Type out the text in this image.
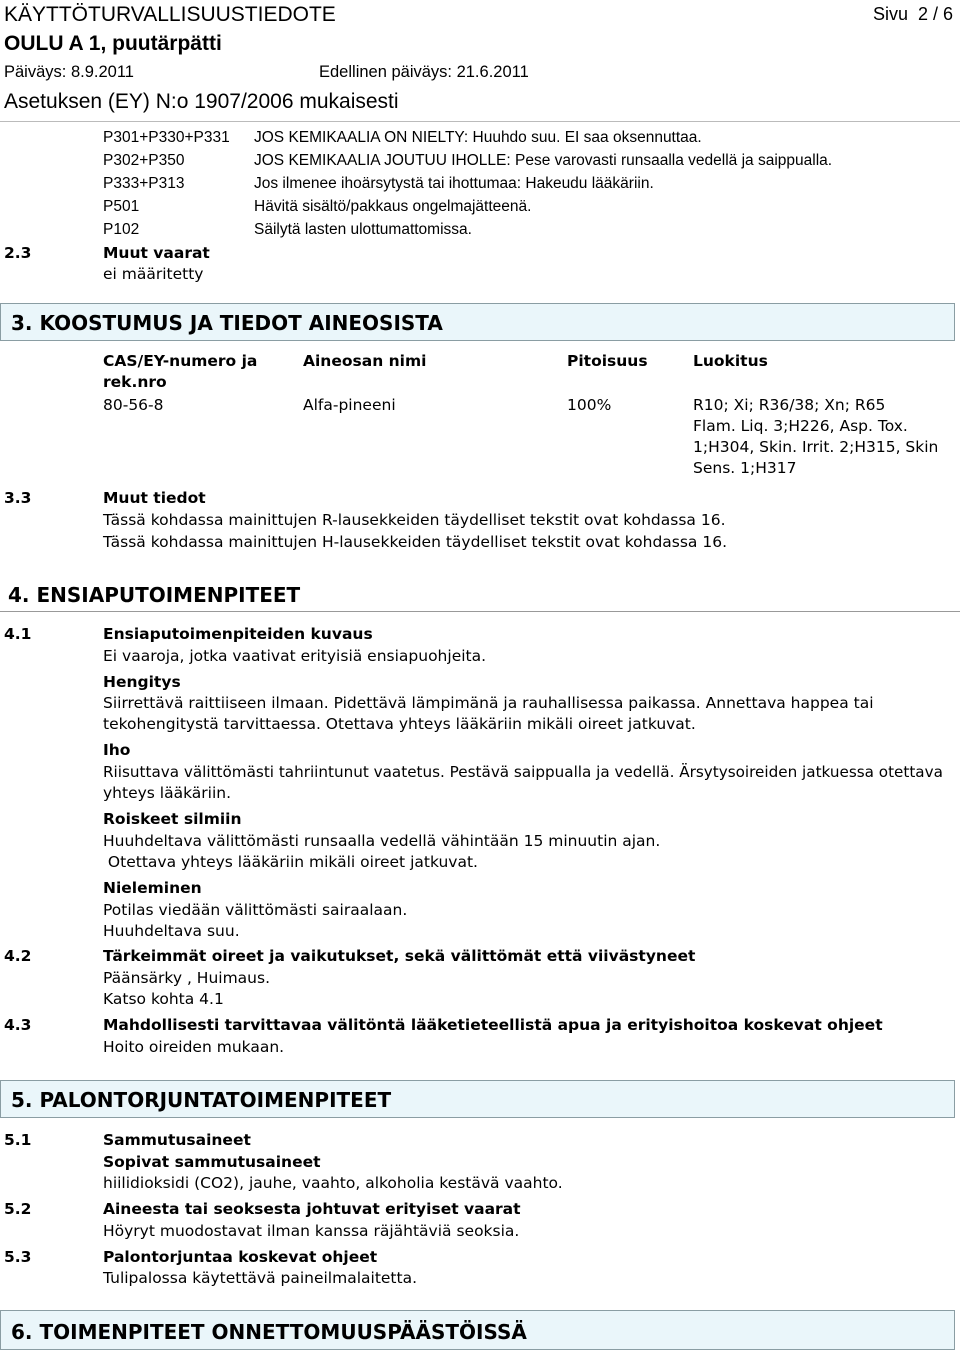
KÄYTTÖTURVALLISUUSTIEDOTE	Sivu 2 / 6
OULU A 1, puutärpätti
Päiväys: 8.9.2011	Edellinen päiväys: 21.6.2011
Asetuksen (EY) N:o 1907/2006 mukaisesti
P301+P330+P331 JOS KEMIKAALIA ON NIELTY: Huuhdo suu. EI saa oksennuttaa.
P302+P350	JOS KEMIKAALIA JOUTUU IHOLLE: Pese varovasti runsaalla vedellä ja saippualla.
P333+P313	Jos ilmenee ihoärsytystä tai ihottumaa: Hakeudu lääkäriin.
P501	Hävitä sisältö/pakkaus ongelmajätteenä.
P102	Säilytä lasten ulottumattomissa.
2.3	Muut vaarat
ei määritetty
3. KOOSTUMUS JA TIEDOT AINEOSISTA
CAS/EY-numero ja
rek.nro
Aineosan nimi	Pitoisuus	Luokitus
80-56-8	Alfa-pineeni	100%	R10; Xi; R36/38; Xn; R65
Flam. Liq. 3;H226, Asp. Tox.
1;H304, Skin. Irrit. 2;H315, Skin
Sens. 1;H317
3.3	Muut tiedot
Tässä kohdassa mainittujen R-lausekkeiden täydelliset tekstit ovat kohdassa 16.
Tässä kohdassa mainittujen H-lausekkeiden täydelliset tekstit ovat kohdassa 16.
4. ENSIAPUTOIMENPITEET
4.1	Ensiaputoimenpiteiden kuvaus
Ei vaaroja, jotka vaativat erityisiä ensiapuohjeita.
Hengitys
Siirrettävä raittiiseen ilmaan. Pidettävä lämpimänä ja rauhallisessa paikassa. Annettava happea tai
tekohengitystä tarvittaessa. Otettava yhteys lääkäriin mikäli oireet jatkuvat.
Iho
Riisuttava välittömästi tahriintunut vaatetus. Pestävä saippualla ja vedellä. Ärsytysoireiden jatkuessa otettava
yhteys lääkäriin.
Roiskeet silmiin
Huuhdeltava välittömästi runsaalla vedellä vähintään 15 minuutin ajan.
Otettava yhteys lääkäriin mikäli oireet jatkuvat.
Nieleminen
Potilas viedään välittömästi sairaalaan.
Huuhdeltava suu.
4.2	Tärkeimmät oireet ja vaikutukset, sekä välittömät että viivästyneet
Päänsärky , Huimaus.
Katso kohta 4.1
4.3	Mahdollisesti tarvittavaa välitöntä lääketieteellistä apua ja erityishoitoa koskevat ohjeet
Hoito oireiden mukaan.
5. PALONTORJUNTATOIMENPITEET
5.1	Sammutusaineet
Sopivat sammutusaineet
hiilidioksidi (CO2), jauhe, vaahto, alkoholia kestävä vaahto.
5.2	Aineesta tai seoksesta johtuvat erityiset vaarat
Höyryt muodostavat ilman kanssa räjähtäviä seoksia.
5.3	Palontorjuntaa koskevat ohjeet
Tulipalossa käytettävä paineilmalaitetta.
6. TOIMENPITEET ONNETTOMUUSPÄÄSTÖISSÄ
